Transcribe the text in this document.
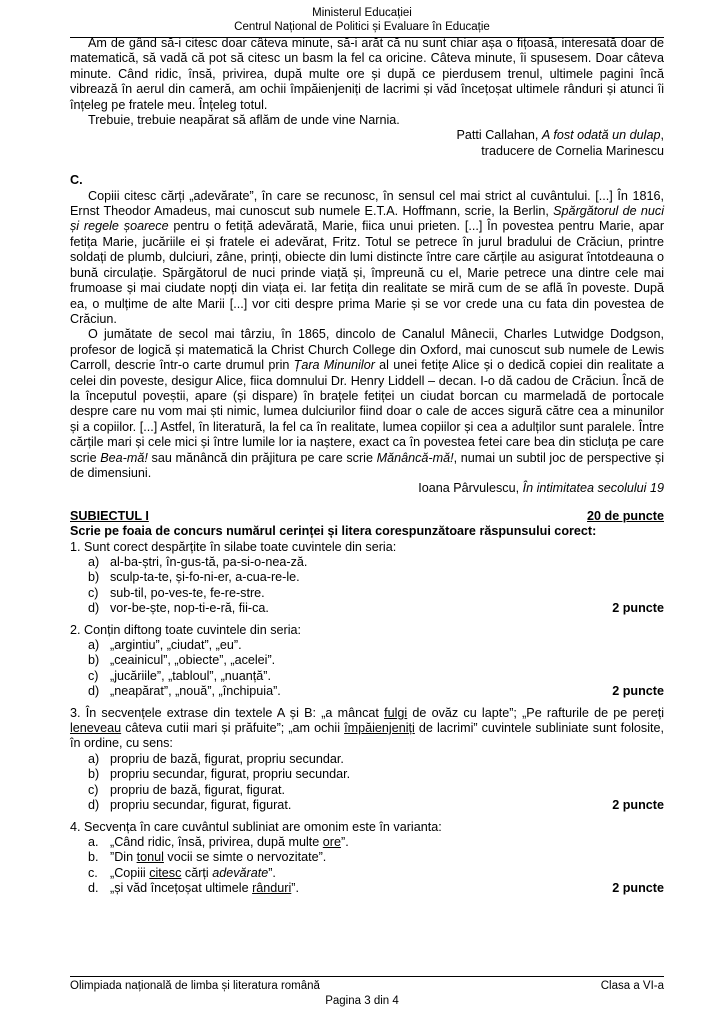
Ministerul Educației
Centrul Național de Politici și Evaluare în Educație

Am de gând să-i citesc doar câteva minute, să-i arăt că nu sunt chiar așa o fițoasă, interesată doar de matematică, să vadă că pot să citesc un basm la fel ca oricine. Câteva minute, îi spusesem. Doar câteva minute. Când ridic, însă, privirea, după multe ore și după ce pierdusem trenul, ultimele pagini încă vibrează în aerul din cameră, am ochii împăienjeniți de lacrimi și văd încețoșat ultimele rânduri și atunci îi înțeleg pe fratele meu. Înțeleg totul.

Trebuie, trebuie neapărat să aflăm de unde vine Narnia.

Patti Callahan, A fost odată un dulap,

traducere de Cornelia Marinescu

C.

Copiii citesc cărți „adevărate”, în care se recunosc, în sensul cel mai strict al cuvântului. [...] În 1816, Ernst Theodor Amadeus, mai cunoscut sub numele E.T.A. Hoffmann, scrie, la Berlin, Spărgătorul de nuci și regele șoarece pentru o fetiță adevărată, Marie, fiica unui prieten. [...] În povestea pentru Marie, apar fetița Marie, jucăriile ei și fratele ei adevărat, Fritz. Totul se petrece în jurul bradului de Crăciun, printre soldați de plumb, dulciuri, zâne, prinți, obiecte din lumi distincte între care cărțile au asigurat întotdeauna o bună circulație. Spărgătorul de nuci prinde viață și, împreună cu el, Marie petrece una dintre cele mai frumoase și mai ciudate nopți din viața ei. Iar fetița din realitate se miră cum de se află în poveste. După ea, o mulțime de alte Marii [...] vor citi despre prima Marie și se vor crede una cu fata din povestea de Crăciun.

O jumătate de secol mai târziu, în 1865, dincolo de Canalul Mânecii, Charles Lutwidge Dodgson, profesor de logică și matematică la Christ Church College din Oxford, mai cunoscut sub numele de Lewis Carroll, descrie într-o carte drumul prin Țara Minunilor al unei fetițe Alice și o dedică copiei din realitate a celei din poveste, desigur Alice, fiica domnului Dr. Henry Liddell – decan. I-o dă cadou de Crăciun. Încă de la începutul poveștii, apare (și dispare) în brațele fetiței un ciudat borcan cu marmeladă de portocale despre care nu vom mai ști nimic, lumea dulciurilor fiind doar o cale de acces sigură către cea a minunilor și a copiilor. [...] Astfel, în literatură, la fel ca în realitate, lumea copiilor și cea a adulților sunt paralele. Între cărțile mari și cele mici și între lumile lor ia naștere, exact ca în povestea fetei care bea din sticluța pe care scrie Bea-mă! sau mănâncă din prăjitura pe care scrie Mănâncă-mă!, numai un subtil joc de perspective și de dimensiuni.

Ioana Pârvulescu, În intimitatea secolului 19

SUBIECTUL I	20 de puncte
Scrie pe foaia de concurs numărul cerinței și litera corespunzătoare răspunsului corect:
1. Sunt corect despărțite în silabe toate cuvintele din seria:
a) al-ba-ștri, în-gus-tă, pa-si-o-nea-ză.
b) sculp-ta-te, și-fo-ni-er, a-cua-re-le.
c) sub-til, po-ves-te, fe-re-stre.
d) vor-be-ște, nop-ti-e-ră, fii-ca.	2 puncte
2. Conțin diftong toate cuvintele din seria:
a) „argintiu”, „ciudat”, „eu”.
b) „ceainicul”, „obiecte”, „acelei”.
c) „jucăriile”, „tabloul”, „nuanță”.
d) „neapărat”, „nouă”, „închipuia”.	2 puncte

3. În secvențele extrase din textele A și B: „a mâncat fulgi de ovăz cu lapte”; „Pe rafturile de pe pereți leneveau câteva cutii mari și prăfuite”; „am ochii împăienjeniți de lacrimi” cuvintele subliniate sunt folosite, în ordine, cu sens:

a) propriu de bază, figurat, propriu secundar.
b) propriu secundar, figurat, propriu secundar.
c) propriu de bază, figurat, figurat.
d) propriu secundar, figurat, figurat.	2 puncte
4. Secvența în care cuvântul subliniat are omonim este în varianta:
a. „Când ridic, însă, privirea, după multe ore”.
b. ”Din tonul vocii se simte o nervozitate”.
c. „Copiii citesc cărți adevărate”.
d. „și văd încețoșat ultimele rânduri”.	2 puncte
Olimpiada națională de limba și literatura română	Clasa a VI-a
Pagina 3 din 4
